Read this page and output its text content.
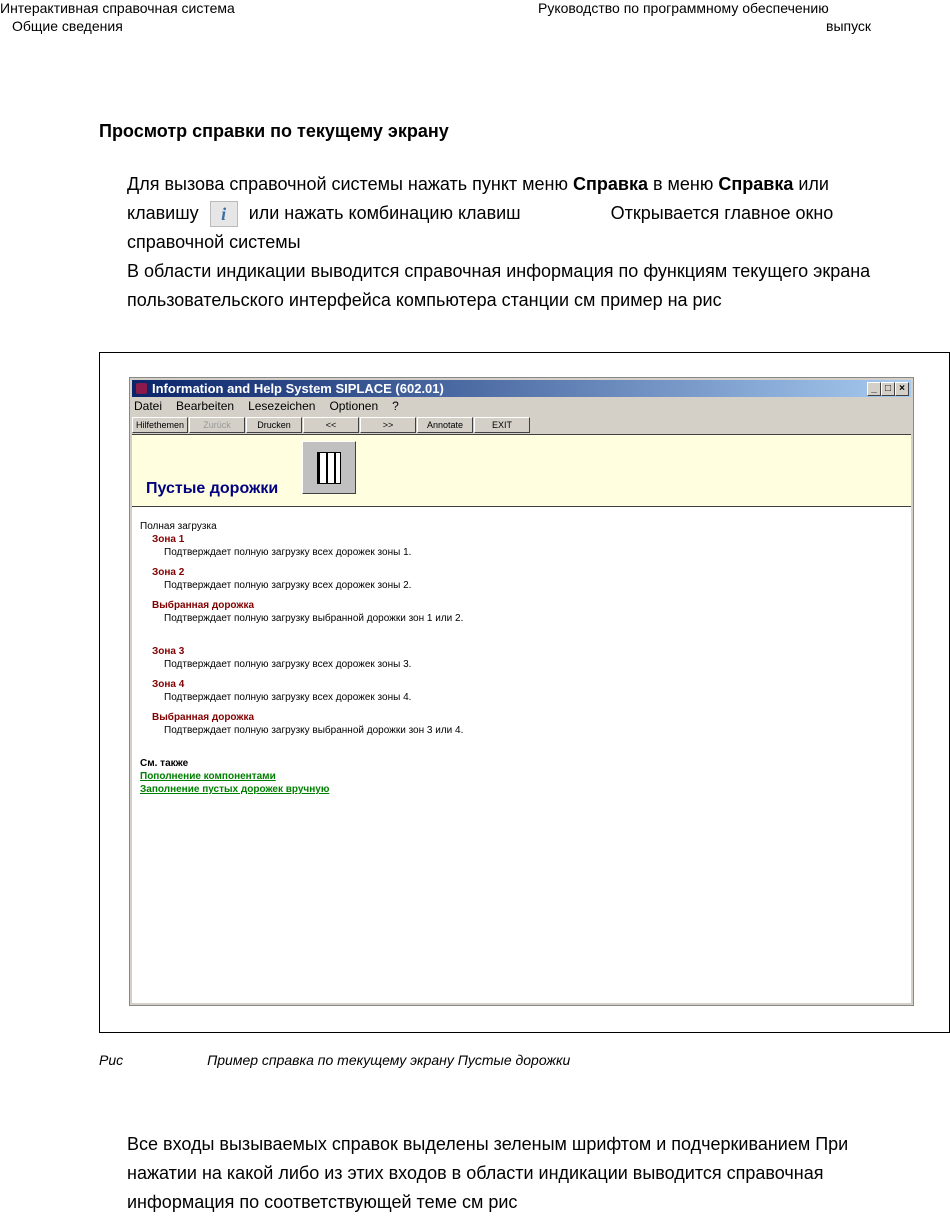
Интерактивная справочная система
Общие сведения
Руководство по программному обеспечению
выпуск
Просмотр справки по текущему экрану
Для вызова справочной системы нажать пункт меню Справка в меню Справка или
клавишу i или нажать комбинацию клавиш	Открывается главное окно
справочной системы
В области индикации выводится справочная информация по функциям текущего экрана
пользовательского интерфейса компьютера станции см пример на рис
Information and Help System SIPLACE (602.01)	_ □ ×
Datei Bearbeiten Lesezeichen Optionen ?
Hilfethemen	Zurück	Drucken	<<	>>	Annotate	EXIT
Пустые дорожки
Полная загрузка
Зона 1
Подтверждает полную загрузку всех дорожек зоны 1.
Зона 2
Подтверждает полную загрузку всех дорожек зоны 2.
Выбранная дорожка
Подтверждает полную загрузку выбранной дорожки зон 1 или 2.
Зона 3
Подтверждает полную загрузку всех дорожек зоны 3.
Зона 4
Подтверждает полную загрузку всех дорожек зоны 4.
Выбранная дорожка
Подтверждает полную загрузку выбранной дорожки зон 3 или 4.
См. также
Пополнение компонентами
Заполнение пустых дорожек вручную
Рис	Пример справка по текущему экрану Пустые дорожки
Все входы вызываемых справок выделены зеленым шрифтом и подчеркиванием При
нажатии на какой либо из этих входов в области индикации выводится справочная
информация по соответствующей теме см рис
